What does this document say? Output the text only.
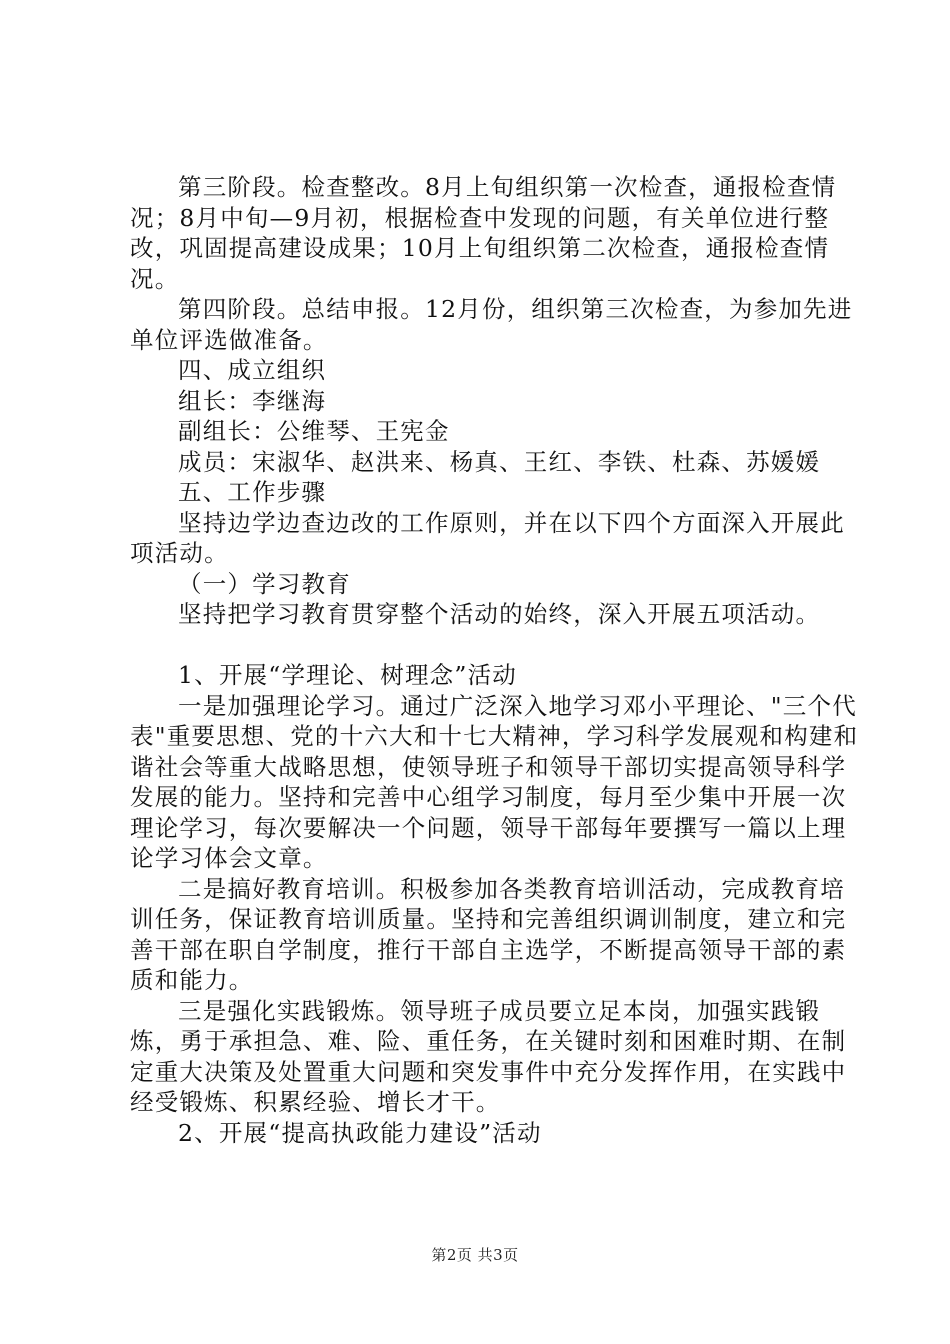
第三阶段。检查整改。8月上旬组织第一次检查，通报检查情况；8月中旬—9月初，根据检查中发现的问题，有关单位进行整改，巩固提高建设成果；10月上旬组织第二次检查，通报检查情况。

第四阶段。总结申报。12月份，组织第三次检查，为参加先进单位评选做准备。

四、成立组织

组长：李继海

副组长：公维琴、王宪金

成员：宋淑华、赵洪来、杨真、王红、李铁、杜森、苏媛媛

五、工作步骤

坚持边学边查边改的工作原则，并在以下四个方面深入开展此项活动。

（一）学习教育

坚持把学习教育贯穿整个活动的始终，深入开展五项活动。

1、开展“学理论、树理念”活动

一是加强理论学习。通过广泛深入地学习邓小平理论、"三个代表"重要思想、党的十六大和十七大精神，学习科学发展观和构建和谐社会等重大战略思想，使领导班子和领导干部切实提高领导科学发展的能力。坚持和完善中心组学习制度，每月至少集中开展一次理论学习，每次要解决一个问题，领导干部每年要撰写一篇以上理论学习体会文章。

二是搞好教育培训。积极参加各类教育培训活动，完成教育培训任务，保证教育培训质量。坚持和完善组织调训制度，建立和完善干部在职自学制度，推行干部自主选学，不断提高领导干部的素质和能力。

三是强化实践锻炼。领导班子成员要立足本岗，加强实践锻炼，勇于承担急、难、险、重任务，在关键时刻和困难时期、在制定重大决策及处置重大问题和突发事件中充分发挥作用，在实践中经受锻炼、积累经验、增长才干。

2、开展“提高执政能力建设”活动

第2页 共3页
